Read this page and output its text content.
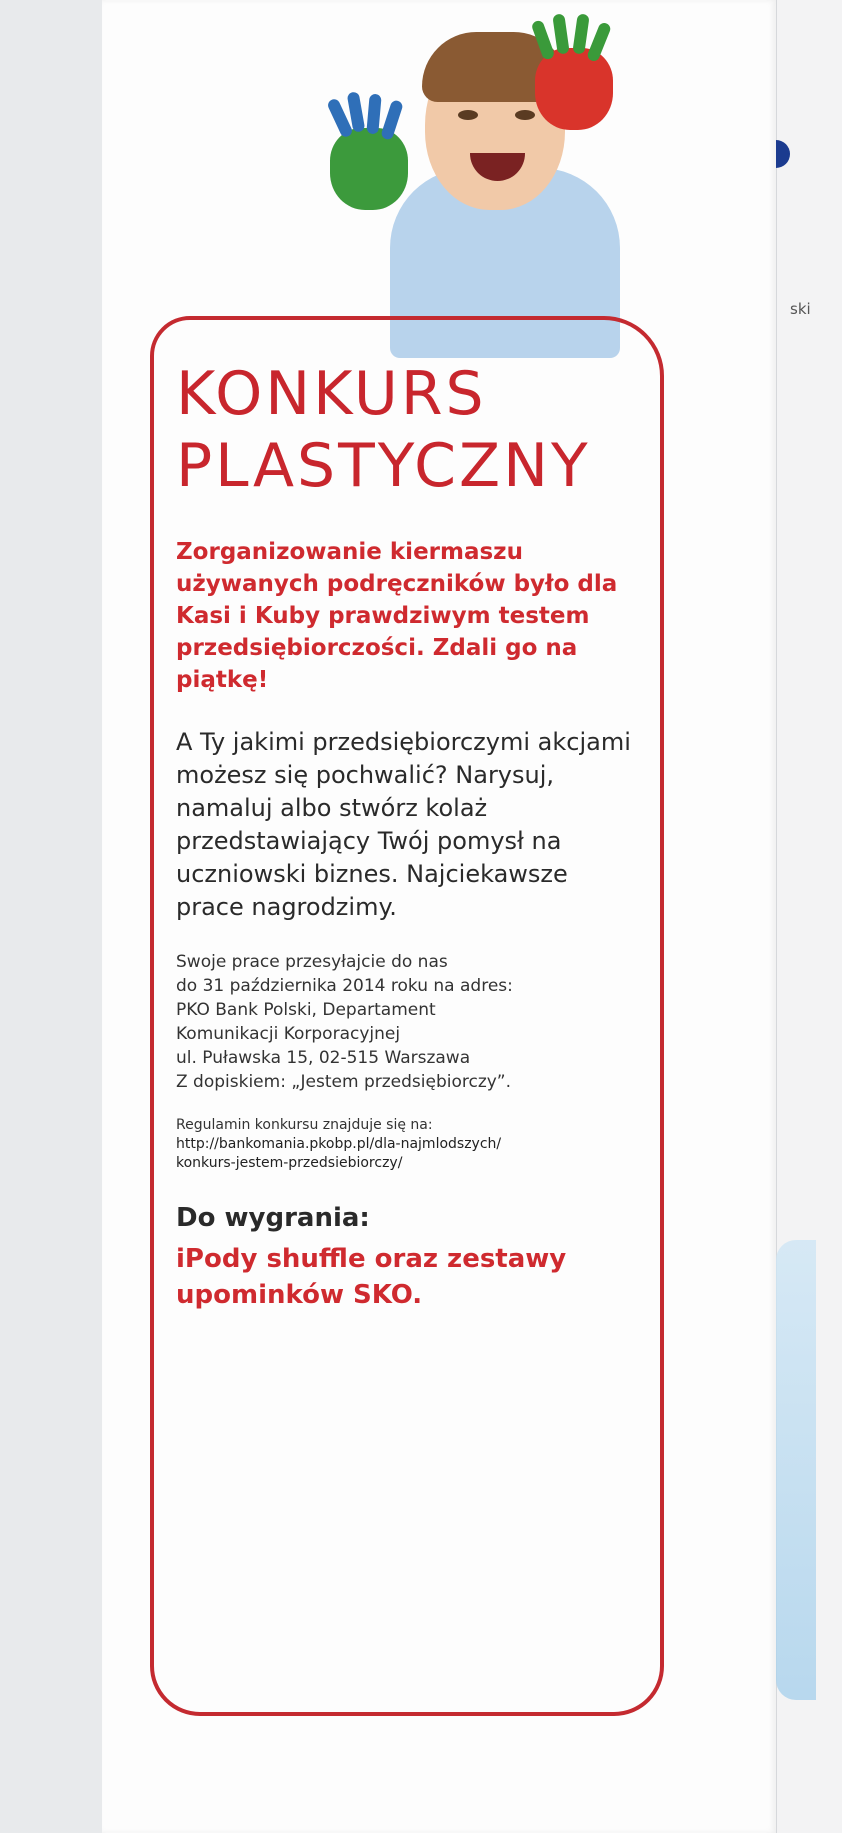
ski
KONKURS
PLASTYCZNY

Zorganizowanie kiermaszu używanych podręczników było dla Kasi i Kuby prawdziwym testem przedsiębiorczości. Zdali go na piątkę!

A Ty jakimi przedsiębiorczymi akcjami możesz się pochwalić? Narysuj, namaluj albo stwórz kolaż przedstawiający Twój pomysł na uczniowski biznes. Najciekawsze prace nagrodzimy.

Swoje prace przesyłajcie do nas
do 31 października 2014 roku na adres:
PKO Bank Polski, Departament
Komunikacji Korporacyjnej
ul. Puławska 15, 02-515 Warszawa
Z dopiskiem: „Jestem przedsiębiorczy”.

Regulamin konkursu znajduje się na:
http://bankomania.pkobp.pl/dla-najmlodszych/
konkurs-jestem-przedsiebiorczy/

Do wygrania:

iPody shuffle oraz zestawy upominków SKO.
